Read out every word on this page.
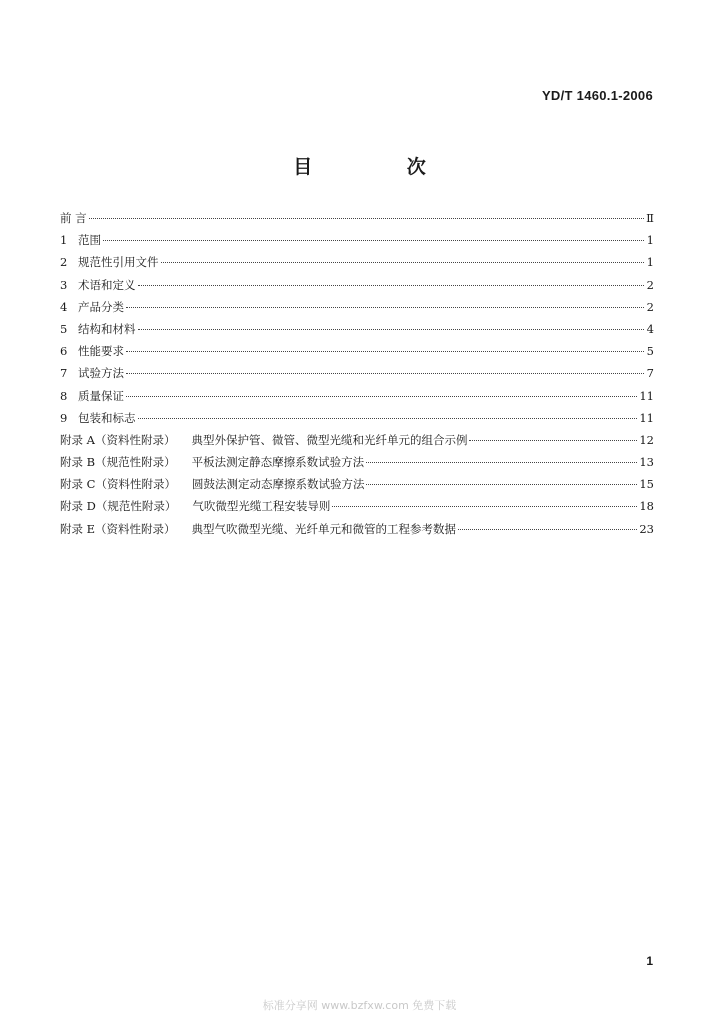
YD/T 1460.1-2006
目 次
前 言	Ⅱ
1 范围	1
2 规范性引用文件	1
3 术语和定义	2
4 产品分类	2
5 结构和材料	4
6 性能要求	5
7 试验方法	7
8 质量保证	11
9 包装和标志	11
附录 A（资料性附录） 典型外保护管、微管、微型光缆和光纤单元的组合示例	12
附录 B（规范性附录） 平板法测定静态摩擦系数试验方法	13
附录 C（资料性附录） 圆鼓法测定动态摩擦系数试验方法	15
附录 D（规范性附录） 气吹微型光缆工程安装导则	18
附录 E（资料性附录） 典型气吹微型光缆、光纤单元和微管的工程参考数据	23
1
标准分享网 www.bzfxw.com 免费下载
